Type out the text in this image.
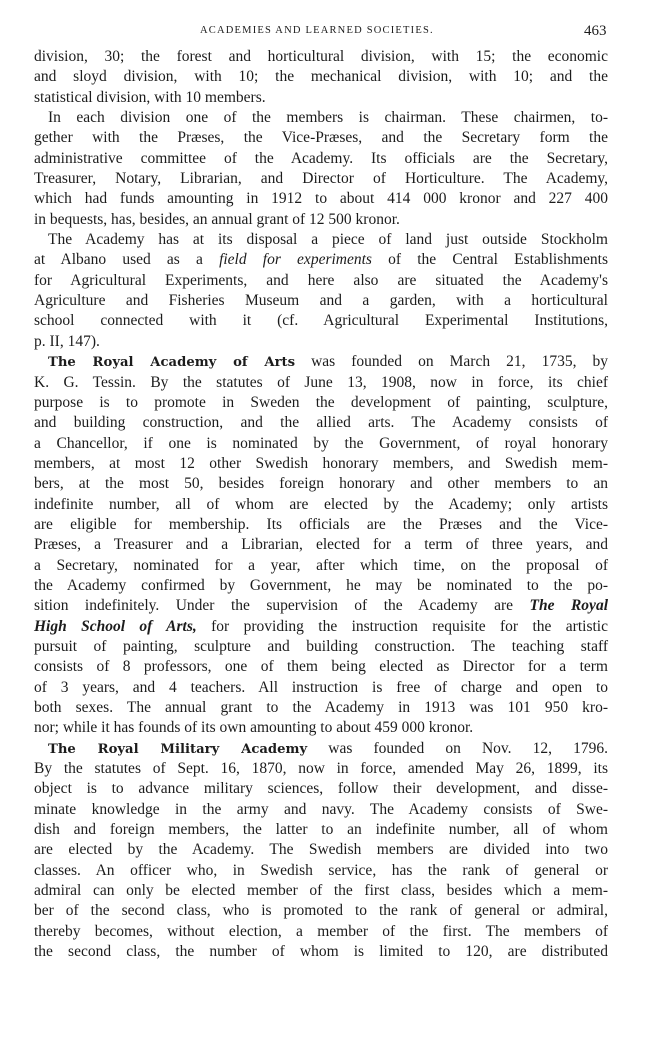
ACADEMIES AND LEARNED SOCIETIES.	463
division, 30; the forest and horticultural division, with 15; the economic
and sloyd division, with 10; the mechanical division, with 10; and the
statistical division, with 10 members.
In each division one of the members is chairman. These chairmen, to-
gether with the Præses, the Vice-Præses, and the Secretary form the
administrative committee of the Academy. Its officials are the Secretary,
Treasurer, Notary, Librarian, and Director of Horticulture. The Academy,
which had funds amounting in 1912 to about 414 000 kronor and 227 400
in bequests, has, besides, an annual grant of 12 500 kronor.
The Academy has at its disposal a piece of land just outside Stockholm
at Albano used as a field for experiments of the Central Establishments
for Agricultural Experiments, and here also are situated the Academy's
Agriculture and Fisheries Museum and a garden, with a horticultural
school connected with it (cf. Agricultural Experimental Institutions,
p. II, 147).
The Royal Academy of Arts was founded on March 21, 1735, by
K. G. Tessin. By the statutes of June 13, 1908, now in force, its chief
purpose is to promote in Sweden the development of painting, sculpture,
and building construction, and the allied arts. The Academy consists of
a Chancellor, if one is nominated by the Government, of royal honorary
members, at most 12 other Swedish honorary members, and Swedish mem-
bers, at the most 50, besides foreign honorary and other members to an
indefinite number, all of whom are elected by the Academy; only artists
are eligible for membership. Its officials are the Præses and the Vice-
Præses, a Treasurer and a Librarian, elected for a term of three years, and
a Secretary, nominated for a year, after which time, on the proposal of
the Academy confirmed by Government, he may be nominated to the po-
sition indefinitely. Under the supervision of the Academy are The Royal
High School of Arts, for providing the instruction requisite for the artistic
pursuit of painting, sculpture and building construction. The teaching staff
consists of 8 professors, one of them being elected as Director for a term
of 3 years, and 4 teachers. All instruction is free of charge and open to
both sexes. The annual grant to the Academy in 1913 was 101 950 kro-
nor; while it has founds of its own amounting to about 459 000 kronor.
The Royal Military Academy was founded on Nov. 12, 1796.
By the statutes of Sept. 16, 1870, now in force, amended May 26, 1899, its
object is to advance military sciences, follow their development, and disse-
minate knowledge in the army and navy. The Academy consists of Swe-
dish and foreign members, the latter to an indefinite number, all of whom
are elected by the Academy. The Swedish members are divided into two
classes. An officer who, in Swedish service, has the rank of general or
admiral can only be elected member of the first class, besides which a mem-
ber of the second class, who is promoted to the rank of general or admiral,
thereby becomes, without election, a member of the first. The members of
the second class, the number of whom is limited to 120, are distributed
